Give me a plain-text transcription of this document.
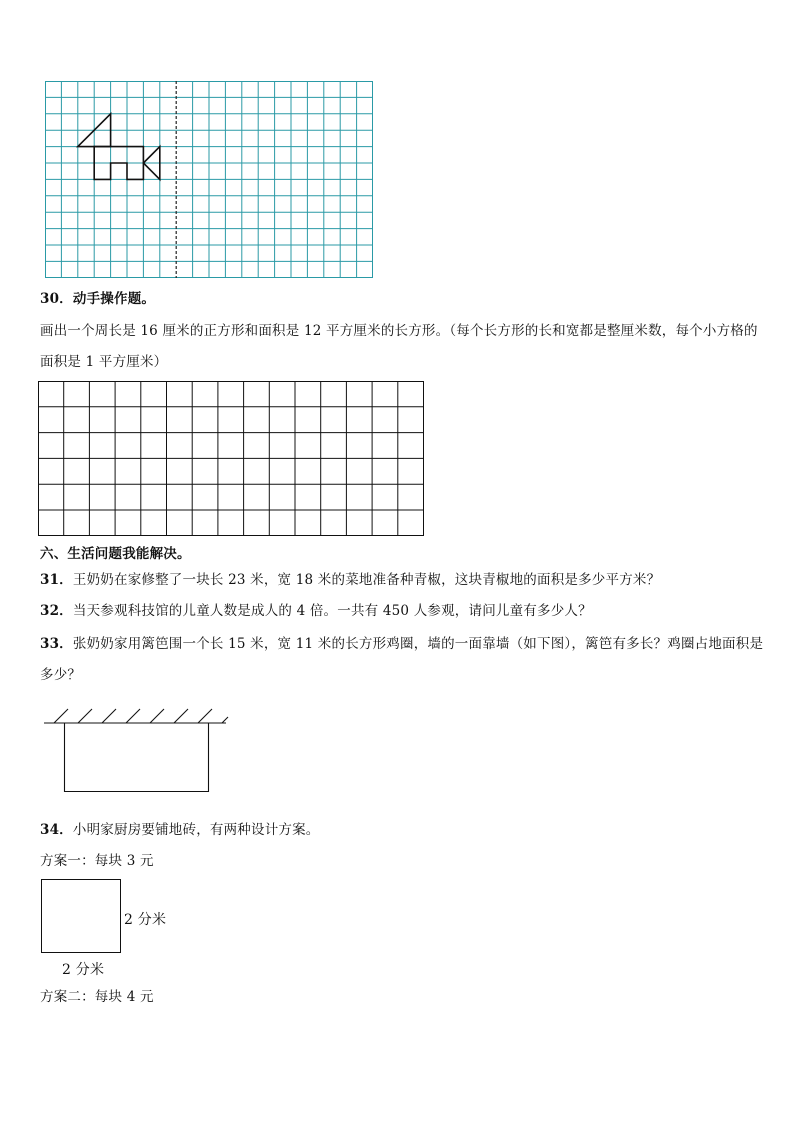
30．动手操作题。
画出一个周长是 16 厘米的正方形和面积是 12 平方厘米的长方形。（每个长方形的长和宽都是整厘米数，每个小方格的
面积是 1 平方厘米）
六、生活问题我能解决。
31．王奶奶在家修整了一块长 23 米，宽 18 米的菜地准备种青椒，这块青椒地的面积是多少平方米？
32．当天参观科技馆的儿童人数是成人的 4 倍。一共有 450 人参观，请问儿童有多少人？
33．张奶奶家用篱笆围一个长 15 米，宽 11 米的长方形鸡圈，墙的一面靠墙（如下图），篱笆有多长？鸡圈占地面积是
多少？
34．小明家厨房要铺地砖，有两种设计方案。
方案一：每块 3 元
2 分米
2 分米
方案二：每块 4 元
